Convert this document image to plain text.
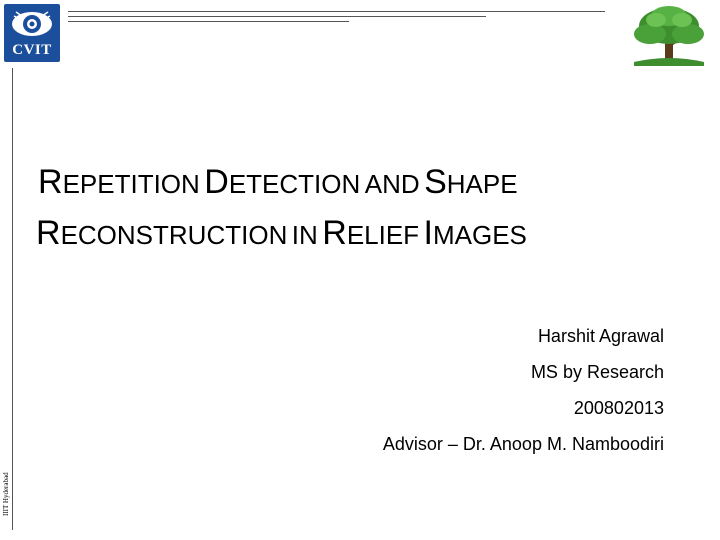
CVIT
REPETITION DETECTION AND SHAPE
RECONSTRUCTION IN RELIEF IMAGES
Harshit Agrawal
MS by Research
200802013
Advisor – Dr. Anoop M. Namboodiri
IIIT Hyderabad
